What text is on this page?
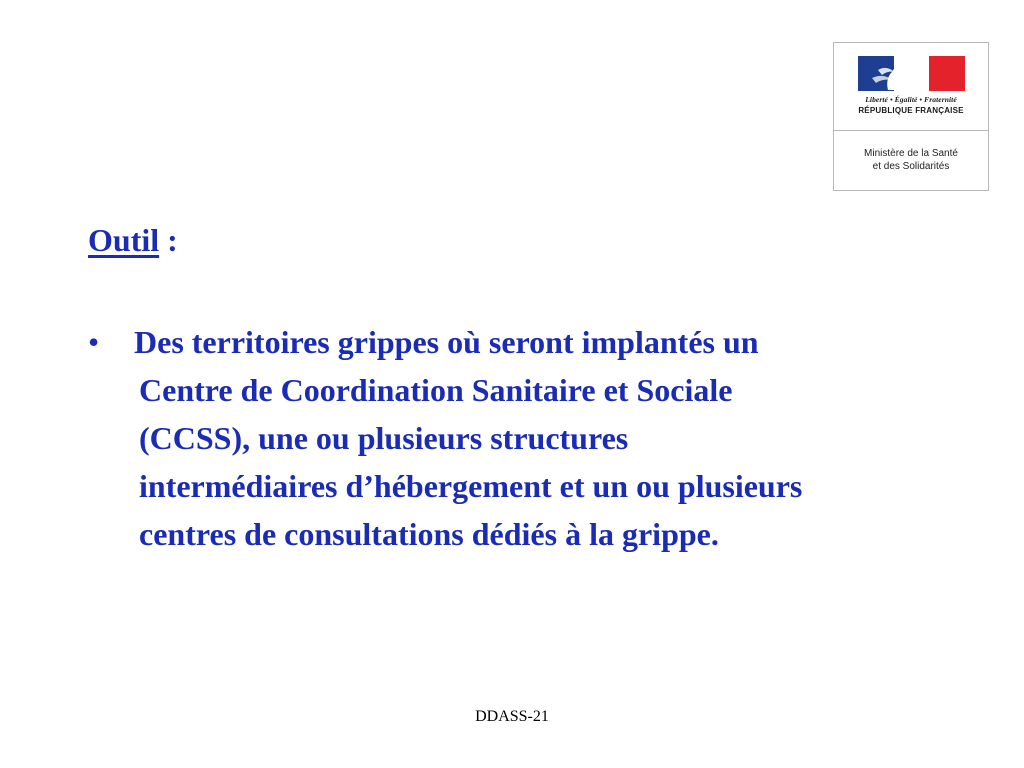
Liberté • Égalité • Fraternité
RÉPUBLIQUE FRANÇAISE
Ministère de la Santé
et des Solidarités
Outil :
• Des territoires grippes où seront implantés un
Centre de Coordination Sanitaire et Sociale
(CCSS), une ou plusieurs structures
intermédiaires d’hébergement et un ou plusieurs
centres de consultations dédiés à la grippe.
DDASS-21
